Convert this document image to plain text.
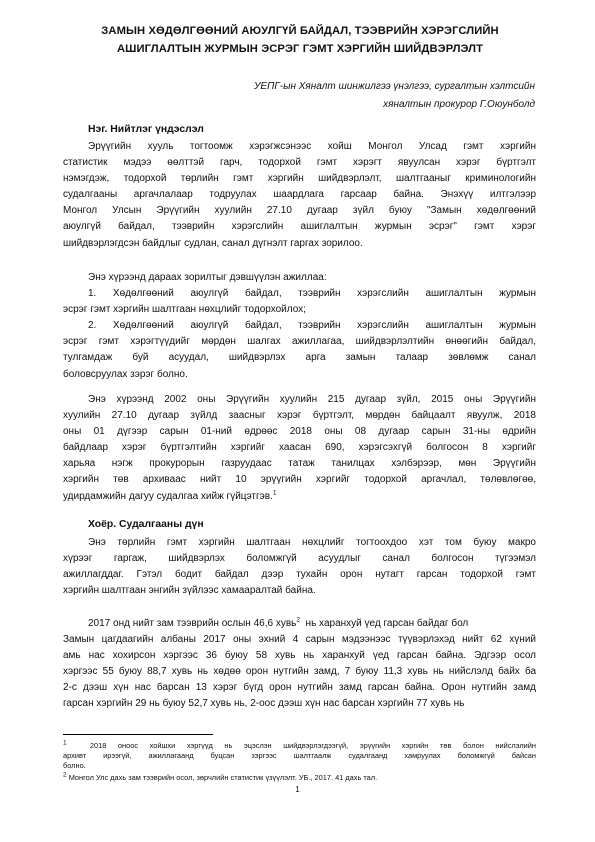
ЗАМЫН ХӨДӨЛГӨӨНИЙ АЮУЛГҮЙ БАЙДАЛ, ТЭЭВРИЙН ХЭРЭГСЛИЙН
АШИГЛАЛТЫН ЖУРМЫН ЭСРЭГ ГЭМТ ХЭРГИЙН ШИЙДВЭРЛЭЛТ
УЕПГ-ын Хяналт шинжилгээ үнэлгээ, сургалтын хэлтсийн
хяналтын прокурор Г.Оюунболд
Нэг. Нийтлэг үндэслэл
Эрүүгийн хууль тогтоомж хэрэгжсэнээс хойш Монгол Улсад гэмт хэргийн
статистик мэдээ өөлттэй гарч, тодорхой гэмт хэрэгт явуулсан хэрэг бүртгэлт
нэмэгдэж, тодорхой төрлийн гэмт хэргийн шийдвэрлэлт, шалтгааныг криминологийн
судалгааны аргачлалаар тодруулах шаардлага гарсаар байна. Энэхүү илтгэлээр
Монгол Улсын Эрүүгийн хуулийн 27.10 дугаар зүйл буюу "Замын хөдөлгөөний
аюулгүй байдал, тээврийн хэрэгслийн ашиглалтын журмын эсрэг" гэмт хэрэг
шийдвэрлэгдсэн байдлыг судлан, санал дүгнэлт гаргах зорилоо.
Энэ хүрээнд дараах зорилтыг дэвшүүлэн ажиллаа:
1. Хөдөлгөөний аюулгүй байдал, тээврийн хэрэгслийн ашиглалтын журмын
эсрэг гэмт хэргийн шалтгаан нөхцлийг тодорхойлох;
2. Хөдөлгөөний аюулгүй байдал, тээврийн хэрэгслийн ашиглалтын журмын
эсрэг гэмт хэрэгтүүдийг мөрдөн шалгах ажиллагаа, шийдвэрлэлтийн өнөөгийн байдал,
тулгамдаж буй асуудал, шийдвэрлэх арга замын талаар зөвлөмж санал
боловсруулах зэрэг болно.
Энэ хүрээнд 2002 оны Эрүүгийн хуулийн 215 дугаар зүйл, 2015 оны Эрүүгийн
хуулийн 27.10 дугаар зүйлд заасныг хэрэг бүртгэлт, мөрдөн байцаалт явуулж, 2018
оны 01 дүгээр сарын 01-ний өдрөөс 2018 оны 08 дугаар сарын 31-ны өдрийн
байдлаар хэрэг бүртгэлтийн хэргийг хаасан 690, хэрэгсэхгүй болгосон 8 хэргийг
харьяа нэгж прокурорын газруудаас татаж танилцах хэлбэрээр, мөн Эрүүгийн
хэргийн төв архиваас нийт 10 эрүүгийн хэргийг тодорхой аргачлал, төлөвлөгөө,
удирдамжийн дагуу судалгаа хийж гүйцэтгэв.$^1$
Хоёр. Судалгааны дүн
Энэ төрлийн гэмт хэргийн шалтгаан нөхцлийг тогтоохдоо хэт том буюу макро
хүрээг гаргаж, шийдвэрлэх боломжгүй асуудлыг санал болгосон түгээмэл
ажиллагддаг. Гэтэл бодит байдал дээр тухайн орон нутагт гарсан тодорхой гэмт
хэргийн шалтгаан энгийн зүйлээс хамааралтай байна.
2017 онд нийт зам тээврийн ослын 46,6 хувь$^2$  нь харанхуй үед гарсан байдаг бол
Замын цагдаагийн албаны 2017 оны эхний 4 сарын мэдээнээс түүвэрлэхэд нийт 62 хүний
амь нас хохирсон хэргээс 36 буюу 58 хувь нь харанхуй үед гарсан байна. Эдгээр осол
хэргээс 55 буюу 88,7 хувь нь хөдөө орон нутгийн замд, 7 буюу 11,3 хувь нь нийслэлд байх ба
2-с дээш хүн нас барсан 13 хэрэг бүгд орон нутгийн замд гарсан байна. Орон нутгийн замд
гарсан хэргийн 29 нь буюу 52,7 хувь нь, 2-оос дээш хүн нас барсан хэргийн 77 хувь нь
$^1$	2018 оноос хойшхи хэргүүд нь эцэслэн шийдвэрлэгдээгүй, эрүүгийн хэргийн төв болон нийслэлийн
архивт ирээгүй, ажиллагаанд буцсан зэргээс шалтгаалж судалгаанд хамруулах боломжгүй байсан
болно.
$^2$ Монгол Улс дахь зам тээврийн осол, зөрчлийн статистик үзүүлэлт. УБ., 2017. 41 дахь тал.
1
